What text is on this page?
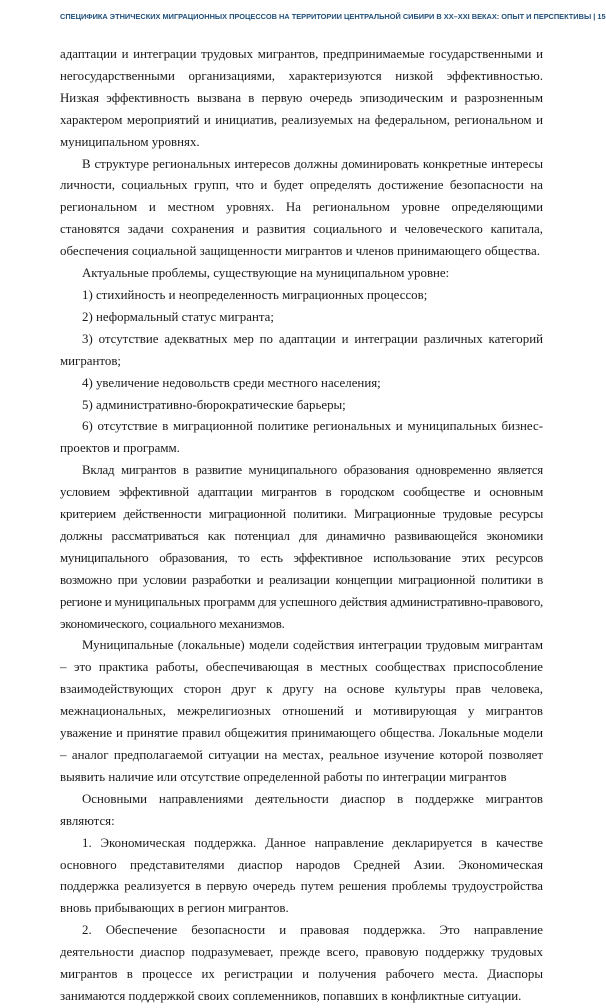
СПЕЦИФИКА ЭТНИЧЕСКИХ МИГРАЦИОННЫХ ПРОЦЕССОВ НА ТЕРРИТОРИИ ЦЕНТРАЛЬНОЙ СИБИРИ В ХХ–ХХI ВЕКАХ: ОПЫТ И ПЕРСПЕКТИВЫ | 15

адаптации и интеграции трудовых мигрантов, предпринимаемые государственными и негосударственными организациями, характеризуются низкой эффективностью. Низкая эффективность вызвана в первую очередь эпизодическим и разрозненным характером мероприятий и инициатив, реализуемых на федеральном, региональном и муниципальном уровнях.

В структуре региональных интересов должны доминировать конкретные интересы личности, социальных групп, что и будет определять достижение безопасности на региональном и местном уровнях. На региональном уровне определяющими становятся задачи сохранения и развития социального и человеческого капитала, обеспечения социальной защищенности мигрантов и членов принимающего общества.

Актуальные проблемы, существующие на муниципальном уровне:

1) стихийность и неопределенность миграционных процессов;

2) неформальный статус мигранта;

3) отсутствие адекватных мер по адаптации и интеграции различных категорий мигрантов;

4) увеличение недовольств среди местного населения;

5) административно-бюрократические барьеры;

6) отсутствие в миграционной политике региональных и муниципальных бизнес-проектов и программ.

Вклад мигрантов в развитие муниципального образования одновременно является условием эффективной адаптации мигрантов в городском сообществе и основным критерием действенности миграционной политики. Миграционные трудовые ресурсы должны рассматриваться как потенциал для динамично развивающейся экономики муниципального образования, то есть эффективное использование этих ресурсов возможно при условии разработки и реализации концепции миграционной политики в регионе и муниципальных программ для успешного действия административно-правового, экономического, социального механизмов.

Муниципальные (локальные) модели содействия интеграции трудовым мигрантам – это практика работы, обеспечивающая в местных сообществах приспособление взаимодействующих сторон друг к другу на основе культуры прав человека, межнациональных, межрелигиозных отношений и мотивирующая у мигрантов уважение и принятие правил общежития принимающего общества. Локальные модели – аналог предполагаемой ситуации на местах, реальное изучение которой позволяет выявить наличие или отсутствие определенной работы по интеграции мигрантов

Основными направлениями деятельности диаспор в поддержке мигрантов являются:

1. Экономическая поддержка. Данное направление декларируется в качестве основного представителями диаспор народов Средней Азии. Экономическая поддержка реализуется в первую очередь путем решения проблемы трудоустройства вновь прибывающих в регион мигрантов.

2. Обеспечение безопасности и правовая поддержка. Это направление деятельности диаспор подразумевает, прежде всего, правовую поддержку трудовых мигрантов в процессе их регистрации и получения рабочего места. Диаспоры занимаются поддержкой своих соплеменников, попавших в конфликтные ситуации.
